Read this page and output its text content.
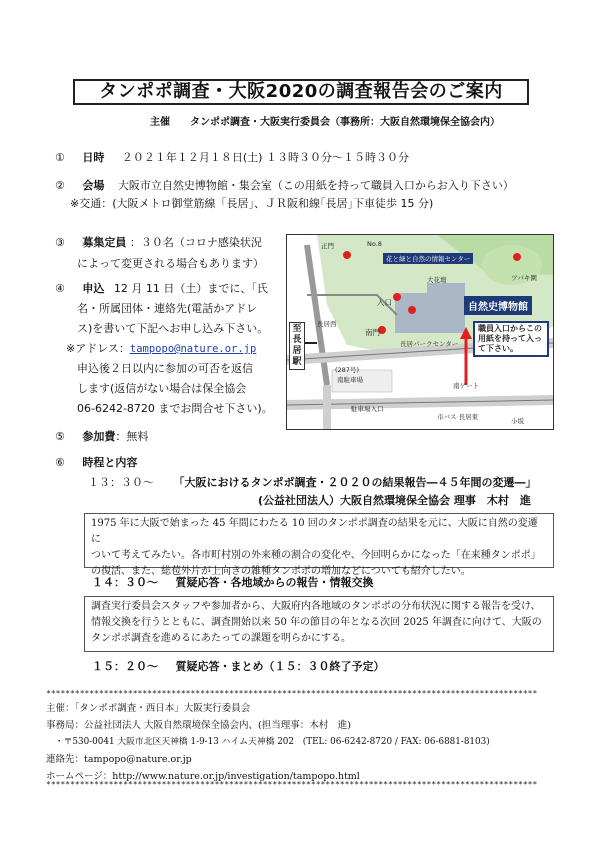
タンポポ調査・大阪2020の調査報告会のご案内
主催　　タンポポ調査・大阪実行委員会（事務所：大阪自然環境保全協会内）
① 日時 ２０２１年１２月１８日(土) １３時３０分～１５時３０分
② 会場 大阪市立自然史博物館・集会室（この用紙を持って職員入口からお入り下さい）
※交通：(大阪メトロ御堂筋線「長居」、ＪＲ阪和線｢長居｣下車徒歩 15 分)
③ 募集定員 ：３０名（コロナ感染状況
によって変更される場合もあります）
④ 申込 12 月 11 日（土）までに、「氏
名・所属団体・連絡先(電話かアドレ
ス)を書いて下記へお申し込み下さい。
※アドレス：tampopo@nature.or.jp
申込後２日以内に参加の可否を返信
します(返信がない場合は保全協会
06-6242-8720 までお問合せ下さい)。
⑤ 参加費：無料
⑥ 時程と内容
１３：３０～ 「大阪におけるタンポポ調査・２０２０の結果報告―４５年間の変遷―」
(公益社団法人）大阪自然環境保全協会 理事　木村　進
1975 年に大阪で始まった 45 年間にわたる 10 回のタンポポ調査の結果を元に、大阪に自然の変遷に
ついて考えてみたい。各市町村別の外来種の割合の変化や、今回明らかになった「在来種タンポポ」
の復活、また、総苞外片が上向きの雑種タンポポの増加などについても紹介したい。
１４：３０～ 質疑応答・各地域からの報告・情報交換
調査実行委員会スタッフや参加者から、大阪府内各地域のタンポポの分布状況に関する報告を受け、
情報交換を行うとともに、調査開始以来 50 年の節目の年となる次回 2025 年調査に向けて、大阪の
タンポポ調査を進めるにあたっての課題を明らかにする。
１５：２０～ 質疑応答・まとめ（１５：３０終了予定）
******************************************************************************************************
主催：「タンポポ調査・西日本」大阪実行委員会
事務局：公益社団法人 大阪自然環境保全協会内、(担当理事：木村　進)
　・〒530-0041 大阪市北区天神橋 1-9-13 ハイム天神橋 202　(TEL: 06-6242-8720 / FAX: 06-6881-8103)
連絡先：tampopo@nature.or.jp
ホームページ：http://www.nature.or.jp/investigation/tampopo.html
******************************************************************************************************
花と緑と自然の情報センター
自然史博物館
職員入口からこの用紙を持って入って下さい。
至長居駅
正門	No.8
入口
南門
長居パークセンター
ツバキ園
大花壇
南駐車場
南ゲート
駐車場入口
市バス 長居東	小坂
長居西
(287号)
